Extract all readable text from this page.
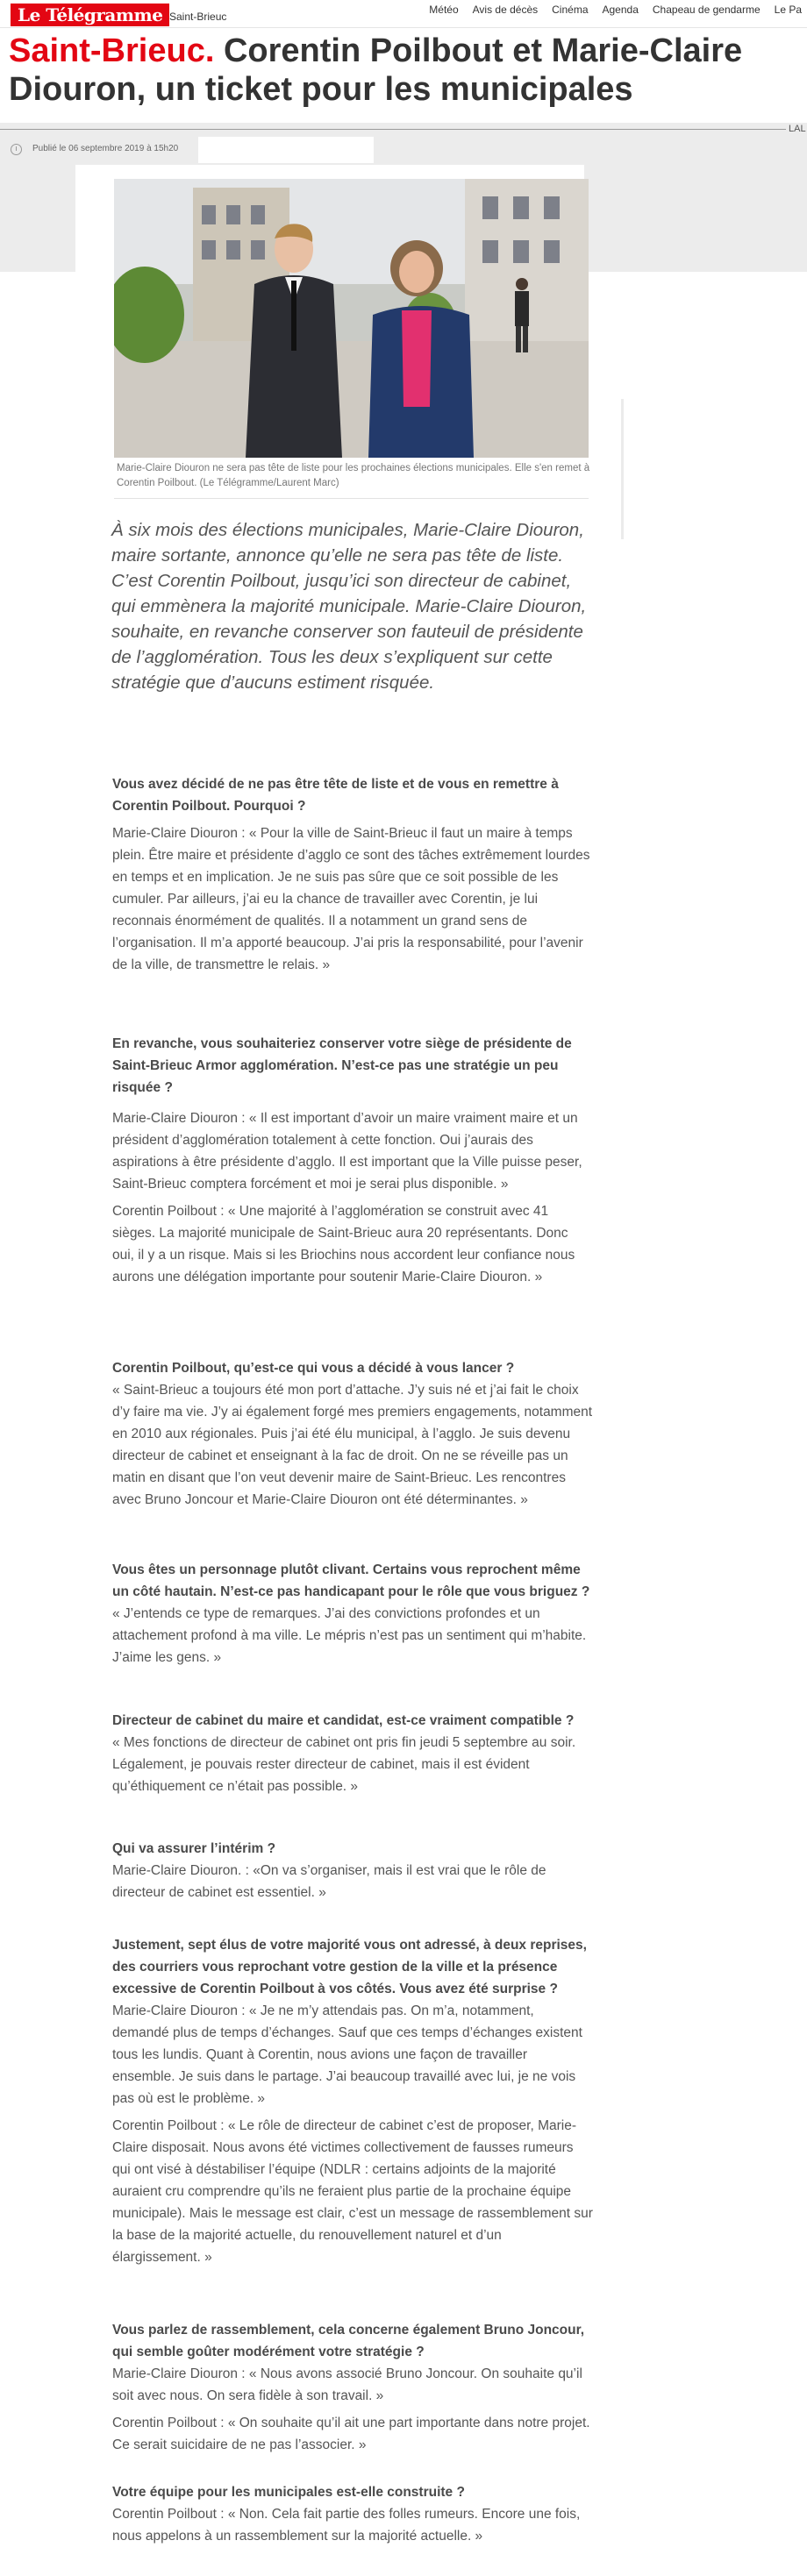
Le Télégramme Saint-Brieuc
Météo Avis de décès Cinéma Agenda Chapeau de gendarme Le Pa
Saint-Brieuc. Corentin Poilbout et Marie-Claire Diouron, un ticket pour les municipales
LAL
Publié le 06 septembre 2019 à 15h20
Marie-Claire Diouron ne sera pas tête de liste pour les prochaines élections municipales. Elle s'en remet à Corentin Poilbout. (Le Télégramme/Laurent Marc)
À six mois des élections municipales, Marie-Claire Diouron, maire sortante, annonce qu’elle ne sera pas tête de liste. C’est Corentin Poilbout, jusqu’ici son directeur de cabinet, qui emmènera la majorité municipale. Marie-Claire Diouron, souhaite, en revanche conserver son fauteuil de présidente de l’agglomération. Tous les deux s’expliquent sur cette stratégie que d’aucuns estiment risquée.

Vous avez décidé de ne pas être tête de liste et de vous en remettre à Corentin Poilbout. Pourquoi ?

Marie-Claire Diouron : « Pour la ville de Saint-Brieuc il faut un maire à temps plein. Être maire et présidente d’agglo ce sont des tâches extrêmement lourdes en temps et en implication. Je ne suis pas sûre que ce soit possible de les cumuler. Par ailleurs, j’ai eu la chance de travailler avec Corentin, je lui reconnais énormément de qualités. Il a notamment un grand sens de l’organisation. Il m’a apporté beaucoup. J’ai pris la responsabilité, pour l’avenir de la ville, de transmettre le relais. »

En revanche, vous souhaiteriez conserver votre siège de présidente de Saint-Brieuc Armor agglomération. N’est-ce pas une stratégie un peu risquée ?

Marie-Claire Diouron : « Il est important d’avoir un maire vraiment maire et un président d’agglomération totalement à cette fonction. Oui j’aurais des aspirations à être présidente d’agglo. Il est important que la Ville puisse peser, Saint-Brieuc comptera forcément et moi je serai plus disponible. »

Corentin Poilbout : « Une majorité à l’agglomération se construit avec 41 sièges. La majorité municipale de Saint-Brieuc aura 20 représentants. Donc oui, il y a un risque. Mais si les Briochins nous accordent leur confiance nous aurons une délégation importante pour soutenir Marie-Claire Diouron. »

Corentin Poilbout, qu’est-ce qui vous a décidé à vous lancer ?

« Saint-Brieuc a toujours été mon port d’attache. J’y suis né et j’ai fait le choix d’y faire ma vie. J’y ai également forgé mes premiers engagements, notamment en 2010 aux régionales. Puis j’ai été élu municipal, à l’agglo. Je suis devenu directeur de cabinet et enseignant à la fac de droit. On ne se réveille pas un matin en disant que l’on veut devenir maire de Saint-Brieuc. Les rencontres avec Bruno Joncour et Marie-Claire Diouron ont été déterminantes. »

Vous êtes un personnage plutôt clivant. Certains vous reprochent même un côté hautain. N’est-ce pas handicapant pour le rôle que vous briguez ?

« J’entends ce type de remarques. J’ai des convictions profondes et un attachement profond à ma ville. Le mépris n’est pas un sentiment qui m’habite. J’aime les gens. »

Directeur de cabinet du maire et candidat, est-ce vraiment compatible ?

« Mes fonctions de directeur de cabinet ont pris fin jeudi 5 septembre au soir. Légalement, je pouvais rester directeur de cabinet, mais il est évident qu’éthiquement ce n’était pas possible. »

Qui va assurer l’intérim ?

Marie-Claire Diouron. : «On va s’organiser, mais il est vrai que le rôle de directeur de cabinet est essentiel. »

Justement, sept élus de votre majorité vous ont adressé, à deux reprises, des courriers vous reprochant votre gestion de la ville et la présence excessive de Corentin Poilbout à vos côtés. Vous avez été surprise ?

Marie-Claire Diouron : « Je ne m’y attendais pas. On m’a, notamment, demandé plus de temps d’échanges. Sauf que ces temps d’échanges existent tous les lundis. Quant à Corentin, nous avions une façon de travailler ensemble. Je suis dans le partage. J’ai beaucoup travaillé avec lui, je ne vois pas où est le problème. »

Corentin Poilbout : « Le rôle de directeur de cabinet c’est de proposer, Marie-Claire disposait. Nous avons été victimes collectivement de fausses rumeurs qui ont visé à déstabiliser l’équipe (NDLR : certains adjoints de la majorité auraient cru comprendre qu’ils ne feraient plus partie de la prochaine équipe municipale). Mais le message est clair, c’est un message de rassemblement sur la base de la majorité actuelle, du renouvellement naturel et d’un élargissement. »

Vous parlez de rassemblement, cela concerne également Bruno Joncour, qui semble goûter modérément votre stratégie ?

Marie-Claire Diouron : « Nous avons associé Bruno Joncour. On souhaite qu’il soit avec nous. On sera fidèle à son travail. »

Corentin Poilbout : « On souhaite qu’il ait une part importante dans notre projet. Ce serait suicidaire de ne pas l’associer. »

Votre équipe pour les municipales est-elle construite ?

Corentin Poilbout : « Non. Cela fait partie des folles rumeurs. Encore une fois, nous appelons à un rassemblement sur la majorité actuelle. »
